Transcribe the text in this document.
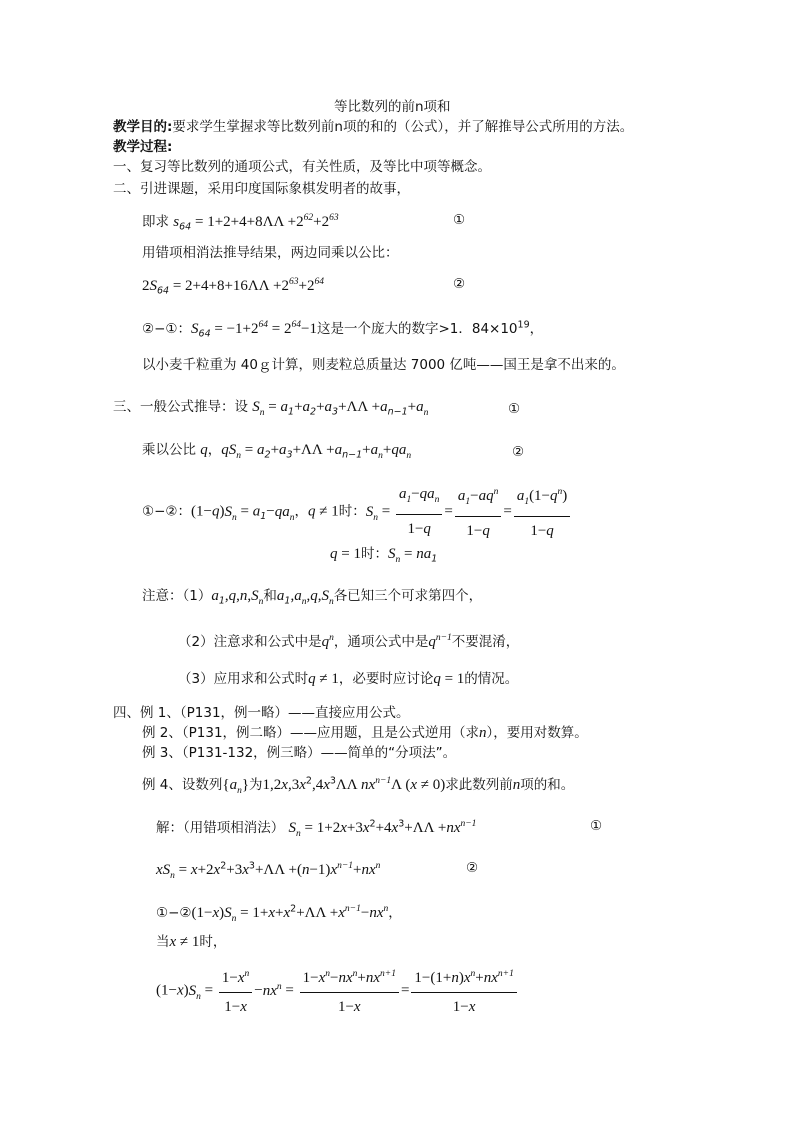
等比数列的前n项和
教学目的:要求学生掌握求等比数列前n项的和的（公式），并了解推导公式所用的方法。
教学过程:
一、复习等比数列的通项公式，有关性质，及等比中项等概念。
二、引进课题，采用印度国际象棋发明者的故事，
即求 $s_{64} = 1+2+4+8\Lambda\Lambda +2^{62}+2^{63}$	①
用错项相消法推导结果，两边同乘以公比：
$2S_{64} = 2+4+8+16\Lambda\Lambda +2^{63}+2^{64}$	②
②−①：$S_{64} = -1+2^{64} = 2^{64}-1$这是一个庞大的数字>1．$84\times 10^{19}$，
以小麦千粒重为 40ｇ计算，则麦粒总质量达 7000 亿吨——国王是拿不出来的。
三、一般公式推导：设 $S_n = a_1+a_2+a_3+\Lambda\Lambda +a_{n-1}+a_n$	①
乘以公比 q，$qS_n = a_2+a_3+\Lambda\Lambda +a_{n-1}+a_n+qa_n$	②
①−②：$(1-q)S_n = a_1-qa_n$，q ≠ 1时：$S_n = \frac{a_1-qa_n}{1-q} = \frac{a_1-aq^n}{1-q} = \frac{a_1(1-q^n)}{1-q}$
q = 1时：$S_n = na_1$
注意：$(1)a_1,q,n,S_n$和$a_1,a_n,q,S_n$各已知三个可求第四个，
（2）注意求和公式中是$q^n$，通项公式中是$q^{n-1}$不要混淆，
（3）应用求和公式时q ≠ 1，必要时应讨论q = 1的情况。
四、例 1、（P131，例一略）——直接应用公式。
例 2、（P131，例二略）——应用题，且是公式逆用（求n），要用对数算。
例 3、（P131-132，例三略）——简单的“分项法”。
例 4、设数列$\{a_n\}$为$1,2x,3x^2,4x^3\Lambda\Lambda$ $nx^{n-1}\Lambda$ (x ≠ 0)求此数列前n项的和。
解：（用错项相消法） $S_n = 1+2x+3x^2+4x^3+\Lambda\Lambda +nx^{n-1}$	①
$xS_n = x+2x^2+3x^3+\Lambda\Lambda +(n-1)x^{n-1}+nx^n$	②
$①-②(1-x)S_n = 1+x+x^2+\Lambda\Lambda +x^{n-1}-nx^n$，
当x ≠ 1时，
$(1-x)S_n = \frac{1-x^n}{1-x} -nx^n = \frac{1-x^n-nx^n+nx^{n+1}}{1-x} = \frac{1-(1+n)x^n+nx^{n+1}}{1-x}$
